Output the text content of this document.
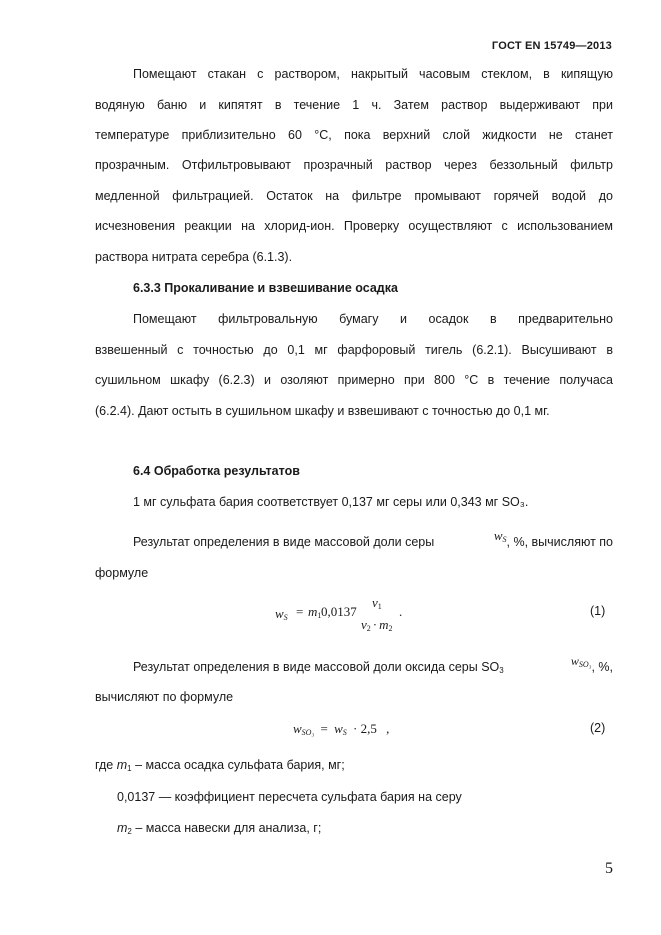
ГОСТ EN 15749—2013
Помещают стакан с раствором, накрытый часовым стеклом, в кипящую
водяную баню и кипятят в течение 1 ч. Затем раствор выдерживают при
температуре приблизительно 60 °С, пока верхний слой жидкости не станет
прозрачным. Отфильтровывают прозрачный раствор через беззольный фильтр
медленной фильтрацией. Остаток на фильтре промывают горячей водой до
исчезновения реакции на хлорид-ион. Проверку осуществляют с использованием
раствора нитрата серебра (6.1.3).
6.3.3 Прокаливание и взвешивание осадка
Помещают фильтровальную бумагу и осадок в предварительно
взвешенный с точностью до 0,1 мг фарфоровый тигель (6.2.1). Высушивают в
сушильном шкафу (6.2.3) и озоляют примерно при 800 °С в течение получаса
(6.2.4). Дают остыть в сушильном шкафу и взвешивают с точностью до 0,1 мг.
6.4 Обработка результатов
1 мг сульфата бария соответствует 0,137 мг серы или 0,343 мг SO₃.
Результат определения в виде массовой доли серы	$w_S$ , %, вычисляют по
формуле
$w_S = m_1$ 0,0137
$v_1$
$v_2 \cdot m_2$
.	(1)
Результат определения в виде массовой доли оксида серы $SO_3$
$w_{SO_3}$ , %,
вычисляют по формуле
$w_{SO_3} = w_S \cdot 2,5$ ,	(2)
где $m_1$ – масса осадка сульфата бария, мг;
0,0137 — коэффициент пересчета сульфата бария на серу
$m_2$ – масса навески для анализа, г;
5
